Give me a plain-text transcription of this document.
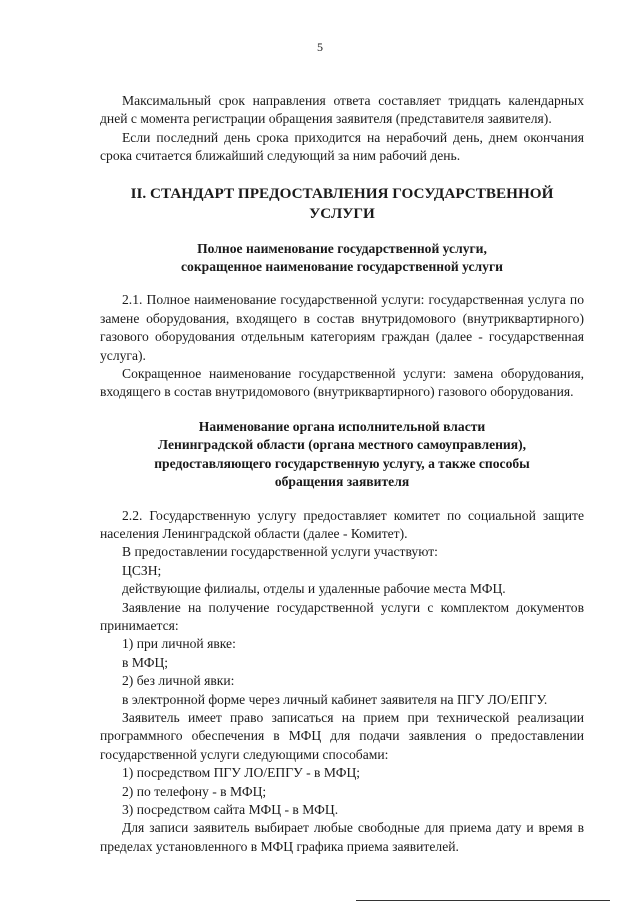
5

Максимальный срок направления ответа составляет тридцать календарных дней с момента регистрации обращения заявителя (представителя заявителя).

Если последний день срока приходится на нерабочий день, днем окончания срока считается ближайший следующий за ним рабочий день.

II. СТАНДАРТ ПРЕДОСТАВЛЕНИЯ ГОСУДАРСТВЕННОЙ УСЛУГИ
Полное наименование государственной услуги,
сокращенное наименование государственной услуги

2.1. Полное наименование государственной услуги: государственная услуга по замене оборудования, входящего в состав внутридомового (внутриквартирного) газового оборудования отдельным категориям граждан (далее - государственная услуга).

Сокращенное наименование государственной услуги: замена оборудования, входящего в состав внутридомового (внутриквартирного) газового оборудования.

Наименование органа исполнительной власти
Ленинградской области (органа местного самоуправления),
предоставляющего государственную услугу, а также способы
обращения заявителя

2.2. Государственную услугу предоставляет комитет по социальной защите населения Ленинградской области (далее - Комитет).

В предоставлении государственной услуги участвуют:

ЦСЗН;

действующие филиалы, отделы и удаленные рабочие места МФЦ.

Заявление на получение государственной услуги с комплектом документов принимается:

1) при личной явке:

в МФЦ;

2) без личной явки:

в электронной форме через личный кабинет заявителя на ПГУ ЛО/ЕПГУ.

Заявитель имеет право записаться на прием при технической реализации программного обеспечения в МФЦ для подачи заявления о предоставлении государственной услуги следующими способами:

1) посредством ПГУ ЛО/ЕПГУ - в МФЦ;

2) по телефону - в МФЦ;

3) посредством сайта МФЦ - в МФЦ.

Для записи заявитель выбирает любые свободные для приема дату и время в пределах установленного в МФЦ графика приема заявителей.
